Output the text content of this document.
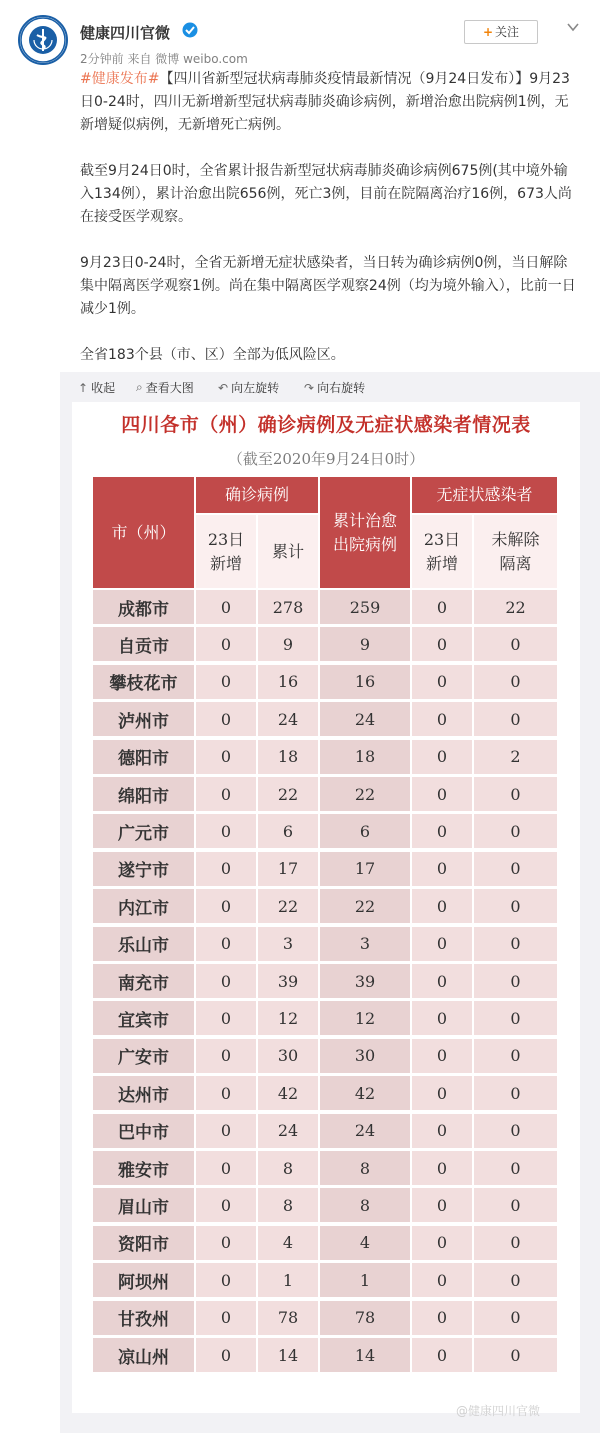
健康四川官微
2分钟前 来自 微博 weibo.com
+ 关注

#健康发布#【四川省新型冠状病毒肺炎疫情最新情况（9月24日发布）】9月23日0-24时，四川无新增新型冠状病毒肺炎确诊病例，新增治愈出院病例1例，无新增疑似病例，无新增死亡病例。

截至9月24日0时，全省累计报告新型冠状病毒肺炎确诊病例675例(其中境外输入134例），累计治愈出院656例，死亡3例，目前在院隔离治疗16例，673人尚在接受医学观察。

9月23日0-24时，全省无新增无症状感染者，当日转为确诊病例0例，当日解除集中隔离医学观察1例。尚在集中隔离医学观察24例（均为境外输入），比前一日减少1例。

全省183个县（市、区）全部为低风险区。

↑ 收起 ⌕ 查看大图 ↶ 向左旋转 ↷ 向右旋转
四川各市（州）确诊病例及无症状感染者情况表
（截至2020年9月24日0时）
市（州）
确诊病例
23日新增
累计
累计治愈出院病例
无症状感染者
23日新增
未解除隔离
成都市	0	278	259	0	22
自贡市	0	9	9	0	0
攀枝花市	0	16	16	0	0
泸州市	0	24	24	0	0
德阳市	0	18	18	0	2
绵阳市	0	22	22	0	0
广元市	0	6	6	0	0
遂宁市	0	17	17	0	0
内江市	0	22	22	0	0
乐山市	0	3	3	0	0
南充市	0	39	39	0	0
宜宾市	0	12	12	0	0
广安市	0	30	30	0	0
达州市	0	42	42	0	0
巴中市	0	24	24	0	0
雅安市	0	8	8	0	0
眉山市	0	8	8	0	0
资阳市	0	4	4	0	0
阿坝州	0	1	1	0	0
甘孜州	0	78	78	0	0
凉山州	0	14	14	0	0
@健康四川官微
